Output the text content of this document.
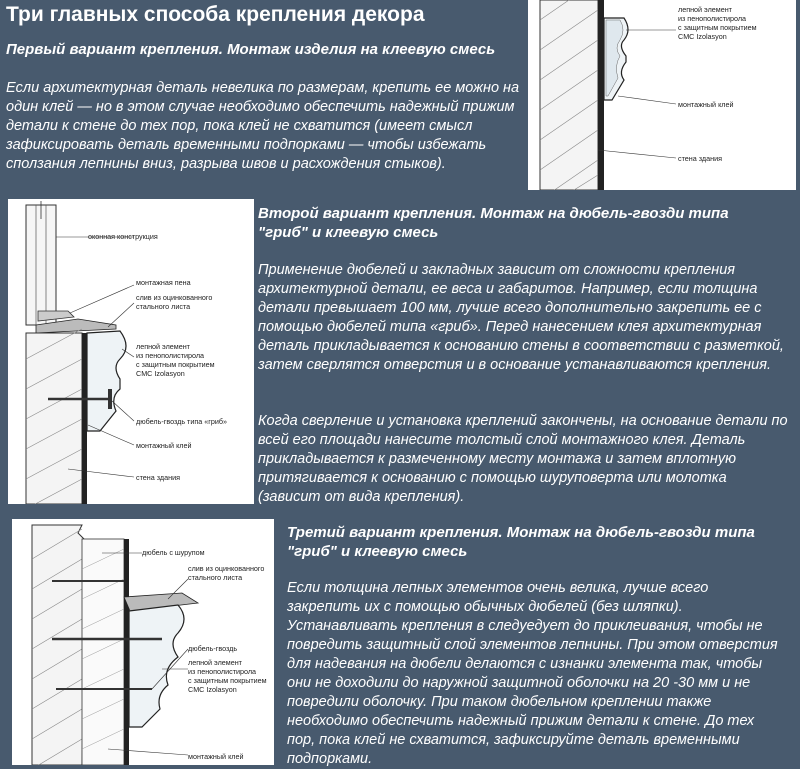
Три главных способа крепления декора
Первый вариант крепления. Монтаж изделия на клеевую смесь
Если архитектурная деталь невелика по размерам, крепить ее можно на один клей — но в этом случае необходимо обеспечить надежный прижим детали к стене до тех пор, пока клей не схватится (имеет смысл зафиксировать деталь временными подпорками — чтобы избежать сползания лепнины вниз, разрыва швов и расхождения стыков).
лепной элемент
из пенополистирола
с защитным покрытием
CMC Izolasyon
монтажный клей
стена здания
оконная конструкция
монтажная пена
слив из оцинкованного
стального листа
лепной элемент
из пенополистирола
с защитным покрытием
CMC Izolasyon
дюбель-гвоздь типа «гриб»
монтажный клей
стена здания
Второй вариант крепления. Монтаж на дюбель-гвозди типа
"гриб" и клеевую смесь
Применение дюбелей и закладных зависит от сложности крепления архитектурной детали, ее веса и габаритов. Например, если толщина детали превышает 100 мм, лучше всего дополнительно закрепить ее с помощью дюбелей типа «гриб». Перед нанесением клея архитектурная деталь прикладывается к основанию стены в соответствии с разметкой, затем сверлятся отверстия и в основание устанавливаются крепления.
Когда сверление и установка креплений закончены, на основание детали по всей его площади нанесите толстый слой монтажного клея. Деталь прикладывается к размеченному месту монтажа и затем вплотную притягивается к основанию с помощью шуруповерта или молотка (зависит от вида крепления).
дюбель с шурупом
слив из оцинкованного
стального листа
дюбель-гвоздь
лепной элемент
из пенополистирола
с защитным покрытием
CMC Izolasyon
монтажный клей
Третий вариант крепления. Монтаж на дюбель-гвозди типа
"гриб" и клеевую смесь
Если толщина лепных элементов очень велика, лучше всего закрепить их с помощью обычных дюбелей (без шляпки). Устанавливать крепления в следуедует до приклеивания, чтобы не повредить защитный слой элементов лепнины. При этом отверстия для надевания на дюбели делаются с изнанки элемента так, чтобы они не доходили до наружной защитной оболочки на 20 -30 мм и не повредили оболочку. При таком дюбельном креплении также необходимо обеспечить надежный прижим детали к стене. До тех пор, пока клей не схватится, зафиксируйте деталь временными подпорками.
